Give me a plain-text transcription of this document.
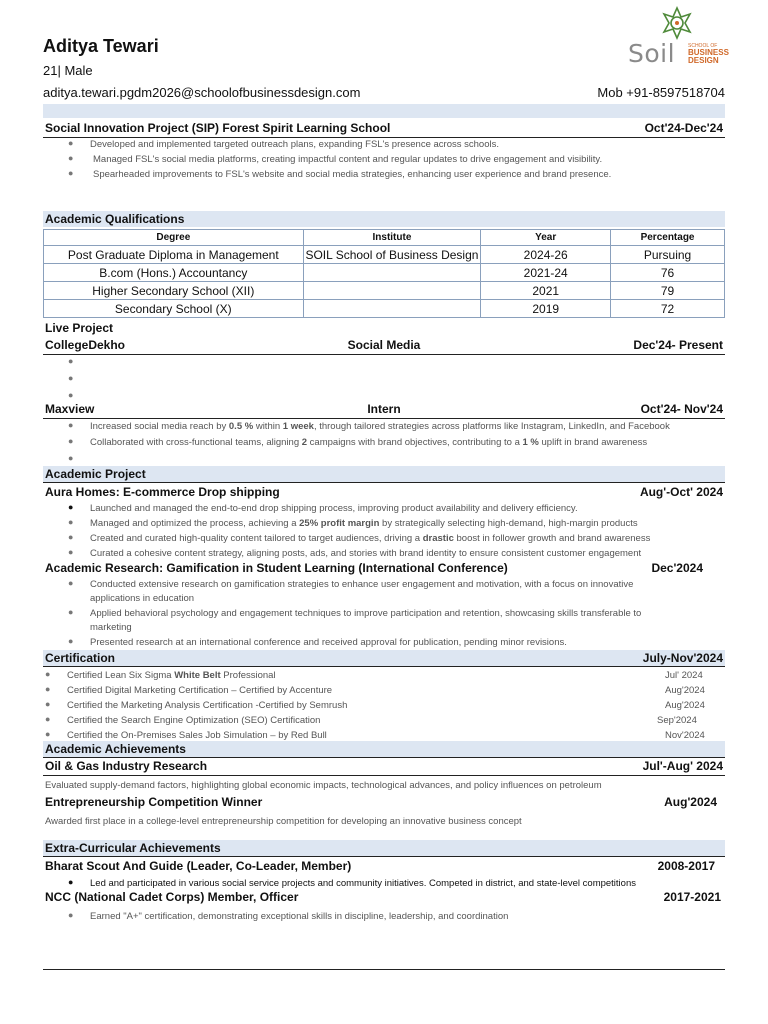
Aditya Tewari
21| Male
aditya.tewari.pgdm2026@schoolofbusinessdesign.com	Mob +91-8597518704
Soil	SCHOOL OF
BUSINESS
DESIGN
Social Innovation Project (SIP) Forest Spirit Learning School	Oct'24-Dec'24
● Developed and implemented targeted outreach plans, expanding FSL's presence across schools.
● Managed FSL's social media platforms, creating impactful content and regular updates to drive engagement and visibility.
● Spearheaded improvements to FSL's website and social media strategies, enhancing user experience and brand presence.
Academic Qualifications
Degree	Institute	Year	Percentage
Post Graduate Diploma in Management	SOIL School of Business Design	2024-26	Pursuing
B.com (Hons.) Accountancy		2021-24	76
Higher Secondary School (XII)		2021	79
Secondary School (X)		2019	72
Live Project
CollegeDekho	Social Media	Dec'24- Present
●
●
●
Maxview	Intern	Oct'24- Nov'24
● Increased social media reach by 0.5 % within 1 week, through tailored strategies across platforms like Instagram, LinkedIn, and Facebook
● Collaborated with cross-functional teams, aligning 2 campaigns with brand objectives, contributing to a 1 % uplift in brand awareness
●
Academic Project
Aura Homes: E-commerce Drop shipping	Aug'-Oct' 2024
● Launched and managed the end-to-end drop shipping process, improving product availability and delivery efficiency.
● Managed and optimized the process, achieving a 25% profit margin by strategically selecting high-demand, high-margin products
● Created and curated high-quality content tailored to target audiences, driving a drastic boost in follower growth and brand awareness
● Curated a cohesive content strategy, aligning posts, ads, and stories with brand identity to ensure consistent customer engagement
Academic Research: Gamification in Student Learning (International Conference)	Dec'2024
● Conducted extensive research on gamification strategies to enhance user engagement and motivation, with a focus on innovative
applications in education
● Applied behavioral psychology and engagement techniques to improve participation and retention, showcasing skills transferable to
marketing
● Presented research at an international conference and received approval for publication, pending minor revisions.
Certification	July-Nov'2024
● Certified Lean Six Sigma White Belt Professional	Jul' 2024
● Certified Digital Marketing Certification – Certified by Accenture	Aug'2024
● Certified the Marketing Analysis Certification -Certified by Semrush	Aug'2024
● Certified the Search Engine Optimization (SEO) Certification	Sep'2024
● Certified the On-Premises Sales Job Simulation – by Red Bull	Nov'2024
Academic Achievements
Oil & Gas Industry Research	Jul'-Aug' 2024
Evaluated supply-demand factors, highlighting global economic impacts, technological advances, and policy influences on petroleum
Entrepreneurship Competition Winner	Aug'2024
Awarded first place in a college-level entrepreneurship competition for developing an innovative business concept
Extra-Curricular Achievements
Bharat Scout And Guide (Leader, Co-Leader, Member)	2008-2017
● Led and participated in various social service projects and community initiatives. Competed in district, and state-level competitions
NCC (National Cadet Corps) Member, Officer	2017-2021
● Earned "A+" certification, demonstrating exceptional skills in discipline, leadership, and coordination
